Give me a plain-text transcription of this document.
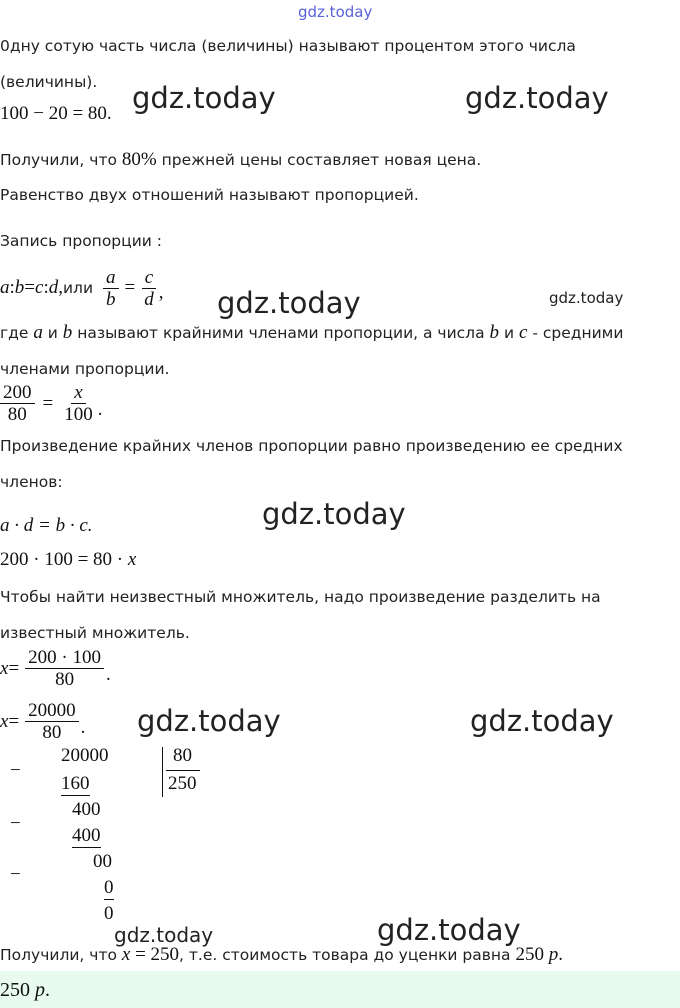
gdz.today
0дну сотую часть числа (величины) называют процентом этого числа
(величины).
100 − 20 = 80. gdz.today	gdz.today
Получили, что 80% прежней цены составляет новая цена.
Равенство двух отношений называют пропорцией.
Запись пропорции :
a : b = c : d , или $\frac{a}{b} = \frac{c}{d}$ , gdz.today	gdz.today
где a и b называют крайними членами пропорции, а числа b и c - средними
членами пропорции.
$\frac{200}{80} = \frac{x}{100}$ .
Произведение крайних членов пропорции равно произведению ее средних
членов:
a · d = b · c.	gdz.today
200 · 100 = 80 · x
Чтобы найти неизвестный множитель, надо произведение разделить на
известный множитель.
$x = \frac{200 \cdot 100}{80}$ .
$x = \frac{20000}{80}$ . gdz.today	gdz.today
20000	80
250
−
160
400
−
400
00
−
0
0
gdz.today	gdz.today
Получили, что x = 250, т.е. стоимость товара до уценки равна 250 р.
250 р.
